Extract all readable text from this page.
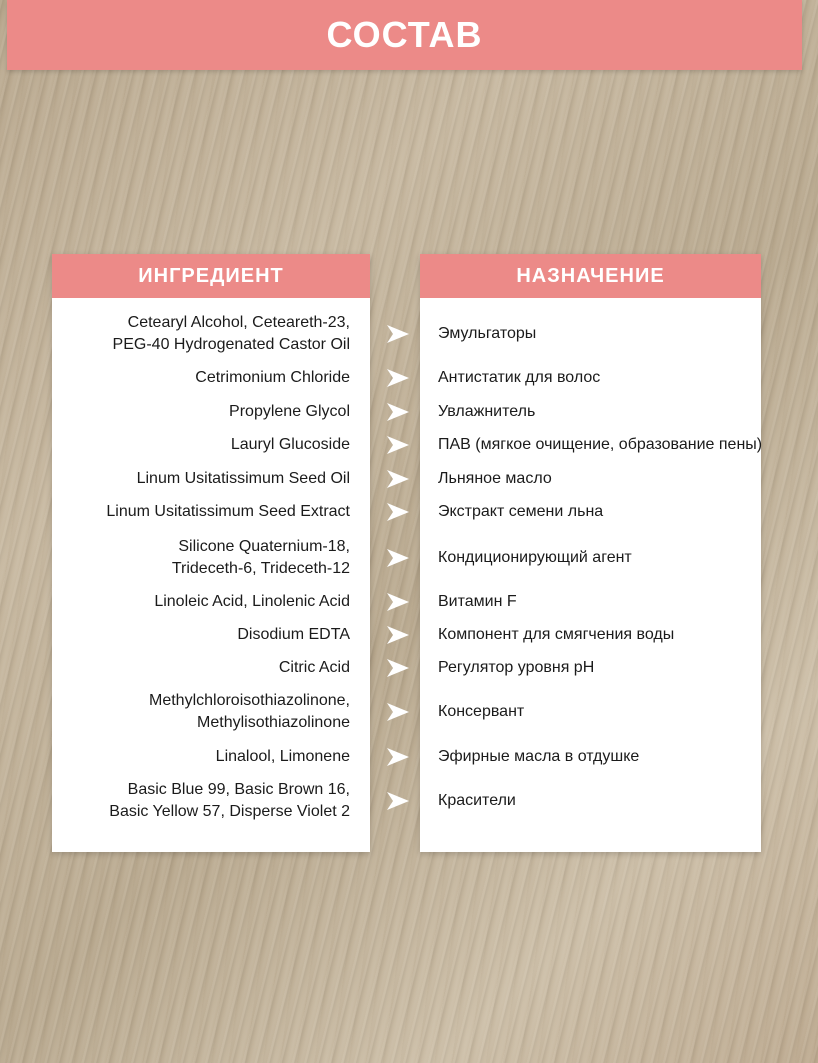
СОСТАВ
ИНГРЕДИЕНТ
Cetearyl Alcohol, Ceteareth-23,
PEG-40 Hydrogenated Castor Oil
Cetrimonium Chloride
Propylene Glycol
Lauryl Glucoside
Linum Usitatissimum Seed Oil
Linum Usitatissimum Seed Extract
Silicone Quaternium-18,
Trideceth-6, Trideceth-12
Linoleic Acid, Linolenic Acid
Disodium EDTA
Citric Acid
Methylchloroisothiazolinone,
Methylisothiazolinone
Linalool, Limonene
Basic Blue 99, Basic Brown 16,
Basic Yellow 57, Disperse Violet 2
НАЗНАЧЕНИЕ
Эмульгаторы
Антистатик для волос
Увлажнитель
ПАВ (мягкое очищение, образование пены)
Льняное масло
Экстракт семени льна
Кондиционирующий агент
Витамин F
Компонент для смягчения воды
Регулятор уровня pH
Консервант
Эфирные масла в отдушке
Красители
